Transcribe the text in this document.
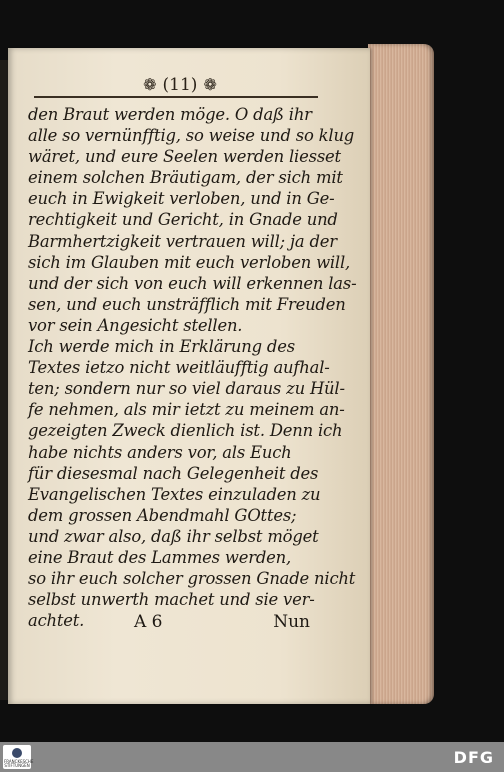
❁ (11) ❁
den Braut werden möge. O daß ihr
alle so vernünfftig, so weise und so klug
wäret, und eure Seelen werden liesset
einem solchen Bräutigam, der sich mit
euch in Ewigkeit verloben, und in Ge-
rechtigkeit und Gericht, in Gnade und
Barmhertzigkeit vertrauen will; ja der
sich im Glauben mit euch verloben will,
und der sich von euch will erkennen las-
sen, und euch unsträfflich mit Freuden
vor sein Angesicht stellen.
Ich werde mich in Erklärung des
Textes ietzo nicht weitläufftig aufhal-
ten; sondern nur so viel daraus zu Hül-
fe nehmen, als mir ietzt zu meinem an-
gezeigten Zweck dienlich ist. Denn ich
habe nichts anders vor, als Euch
für diesesmal nach Gelegenheit des
Evangelischen Textes einzuladen zu
dem grossen Abendmahl GOttes;
und zwar also, daß ihr selbst möget
eine Braut des Lammes werden,
so ihr euch solcher grossen Gnade nicht
selbst unwerth machet und sie ver-
achtet.	A 6	Nun
FRANCKESCHE STIFTUNGEN	DFG
